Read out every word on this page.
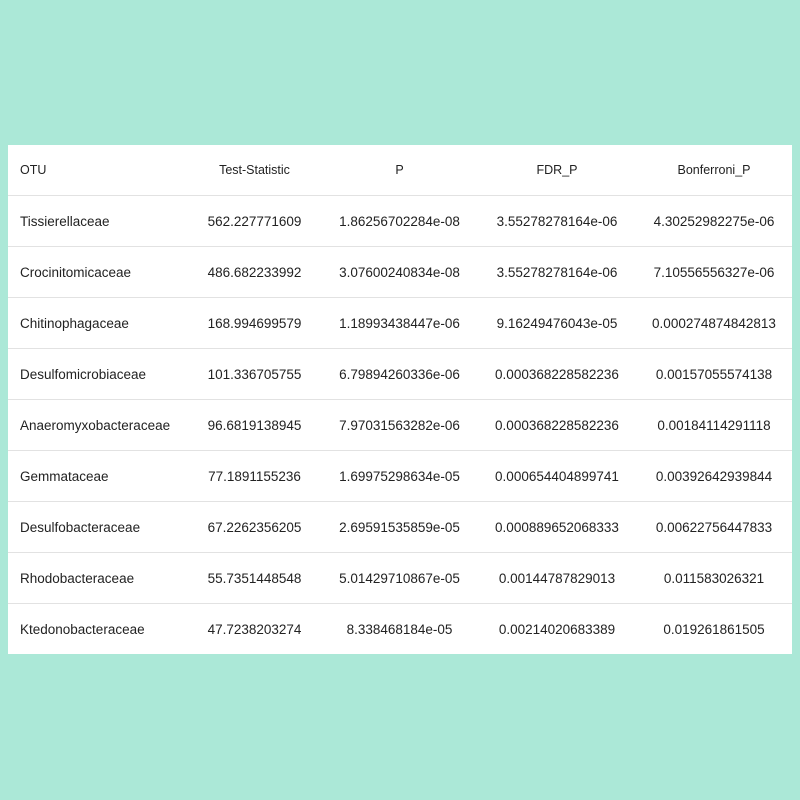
OTU	Test-Statistic	P	FDR_P	Bonferroni_P
Tissierellaceae	562.227771609	1.86256702284e-08	3.55278278164e-06	4.30252982275e-06
Crocinitomicaceae	486.682233992	3.07600240834e-08	3.55278278164e-06	7.10556556327e-06
Chitinophagaceae	168.994699579	1.18993438447e-06	9.16249476043e-05	0.000274874842813
Desulfomicrobiaceae	101.336705755	6.79894260336e-06	0.000368228582236	0.00157055574138
Anaeromyxobacteraceae	96.6819138945	7.97031563282e-06	0.000368228582236	0.00184114291118
Gemmataceae	77.1891155236	1.69975298634e-05	0.000654404899741	0.00392642939844
Desulfobacteraceae	67.2262356205	2.69591535859e-05	0.000889652068333	0.00622756447833
Rhodobacteraceae	55.7351448548	5.01429710867e-05	0.00144787829013	0.011583026321
Ktedonobacteraceae	47.7238203274	8.338468184e-05	0.00214020683389	0.019261861505
